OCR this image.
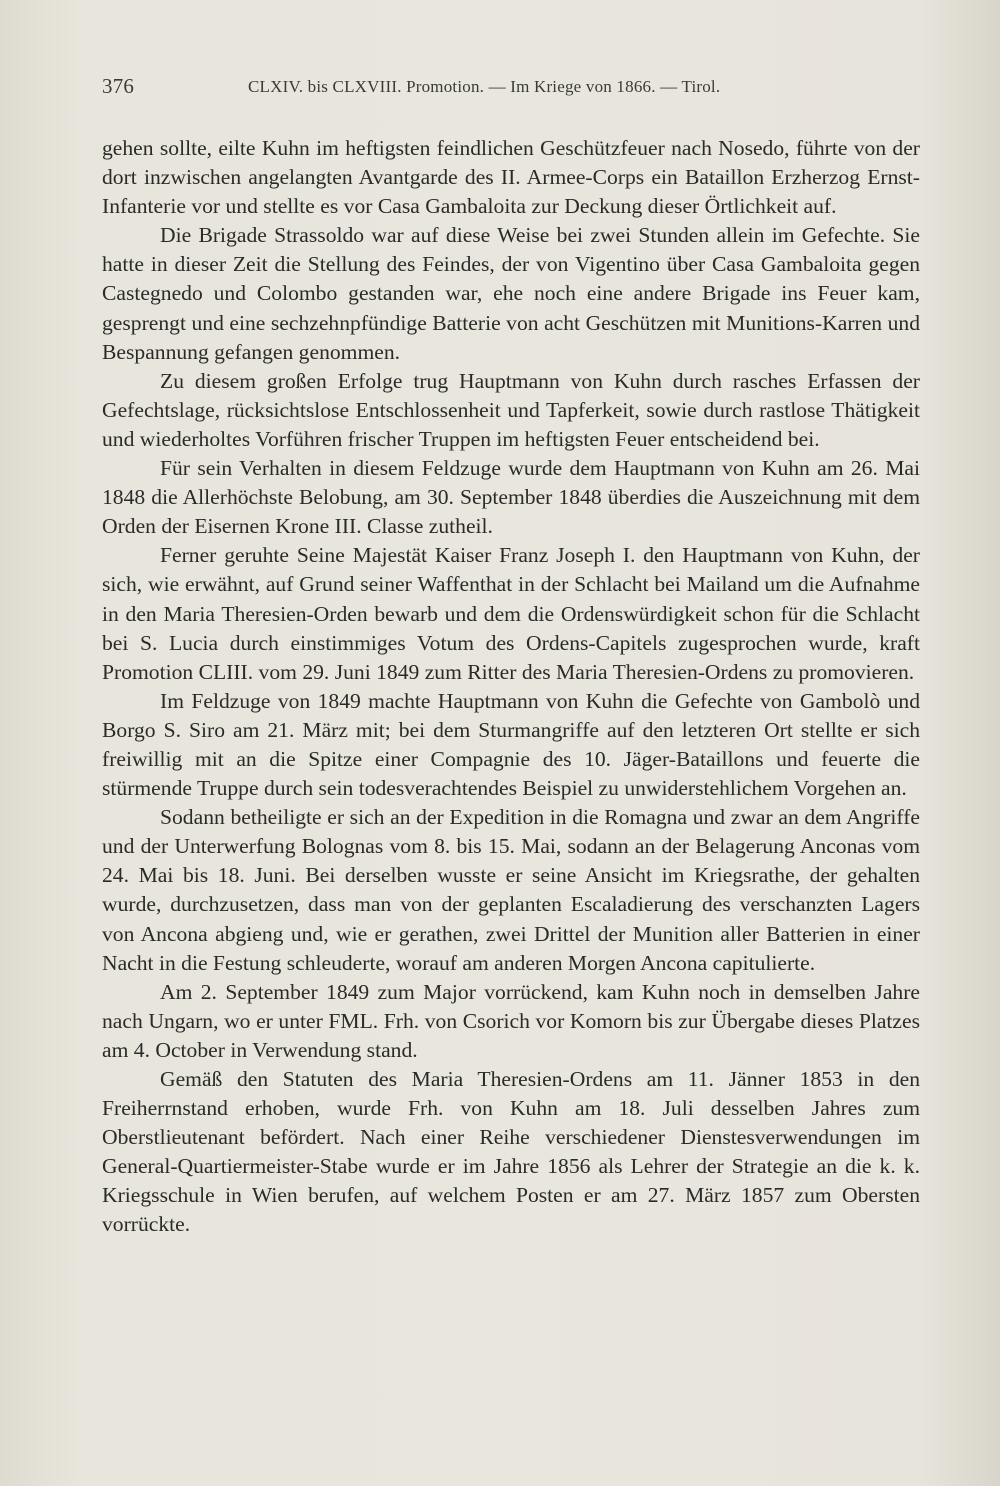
376	CLXIV. bis CLXVIII. Promotion. — Im Kriege von 1866. — Tirol.

gehen sollte, eilte Kuhn im heftigsten feindlichen Geschützfeuer nach Nosedo, führte von der dort inzwischen angelangten Avantgarde des II. Armee-Corps ein Bataillon Erzherzog Ernst-Infanterie vor und stellte es vor Casa Gambaloita zur Deckung dieser Örtlichkeit auf.

Die Brigade Strassoldo war auf diese Weise bei zwei Stunden allein im Gefechte. Sie hatte in dieser Zeit die Stellung des Feindes, der von Vigentino über Casa Gambaloita gegen Castegnedo und Colombo gestanden war, ehe noch eine andere Brigade ins Feuer kam, gesprengt und eine sechzehnpfündige Batterie von acht Geschützen mit Munitions-Karren und Bespannung gefangen genommen.

Zu diesem großen Erfolge trug Hauptmann von Kuhn durch rasches Erfassen der Gefechtslage, rücksichtslose Entschlossenheit und Tapferkeit, sowie durch rastlose Thätigkeit und wiederholtes Vorführen frischer Truppen im heftigsten Feuer entscheidend bei.

Für sein Verhalten in diesem Feldzuge wurde dem Hauptmann von Kuhn am 26. Mai 1848 die Allerhöchste Belobung, am 30. September 1848 überdies die Auszeichnung mit dem Orden der Eisernen Krone III. Classe zutheil.

Ferner geruhte Seine Majestät Kaiser Franz Joseph I. den Hauptmann von Kuhn, der sich, wie erwähnt, auf Grund seiner Waffenthat in der Schlacht bei Mailand um die Aufnahme in den Maria Theresien-Orden bewarb und dem die Ordenswürdigkeit schon für die Schlacht bei S. Lucia durch einstimmiges Votum des Ordens-Capitels zugesprochen wurde, kraft Promotion CLIII. vom 29. Juni 1849 zum Ritter des Maria Theresien-Ordens zu promovieren.

Im Feldzuge von 1849 machte Hauptmann von Kuhn die Gefechte von Gambolò und Borgo S. Siro am 21. März mit; bei dem Sturmangriffe auf den letzteren Ort stellte er sich freiwillig mit an die Spitze einer Compagnie des 10. Jäger-Bataillons und feuerte die stürmende Truppe durch sein todesverachtendes Beispiel zu unwiderstehlichem Vorgehen an.

Sodann betheiligte er sich an der Expedition in die Romagna und zwar an dem Angriffe und der Unterwerfung Bolognas vom 8. bis 15. Mai, sodann an der Belagerung Anconas vom 24. Mai bis 18. Juni. Bei derselben wusste er seine Ansicht im Kriegsrathe, der gehalten wurde, durchzusetzen, dass man von der geplanten Escaladierung des verschanzten Lagers von Ancona abgieng und, wie er gerathen, zwei Drittel der Munition aller Batterien in einer Nacht in die Festung schleuderte, worauf am anderen Morgen Ancona capitulierte.

Am 2. September 1849 zum Major vorrückend, kam Kuhn noch in demselben Jahre nach Ungarn, wo er unter FML. Frh. von Csorich vor Komorn bis zur Übergabe dieses Platzes am 4. October in Verwendung stand.

Gemäß den Statuten des Maria Theresien-Ordens am 11. Jänner 1853 in den Freiherrnstand erhoben, wurde Frh. von Kuhn am 18. Juli desselben Jahres zum Oberstlieutenant befördert. Nach einer Reihe verschiedener Dienstesverwendungen im General-Quartiermeister-Stabe wurde er im Jahre 1856 als Lehrer der Strategie an die k. k. Kriegsschule in Wien berufen, auf welchem Posten er am 27. März 1857 zum Obersten vorrückte.
